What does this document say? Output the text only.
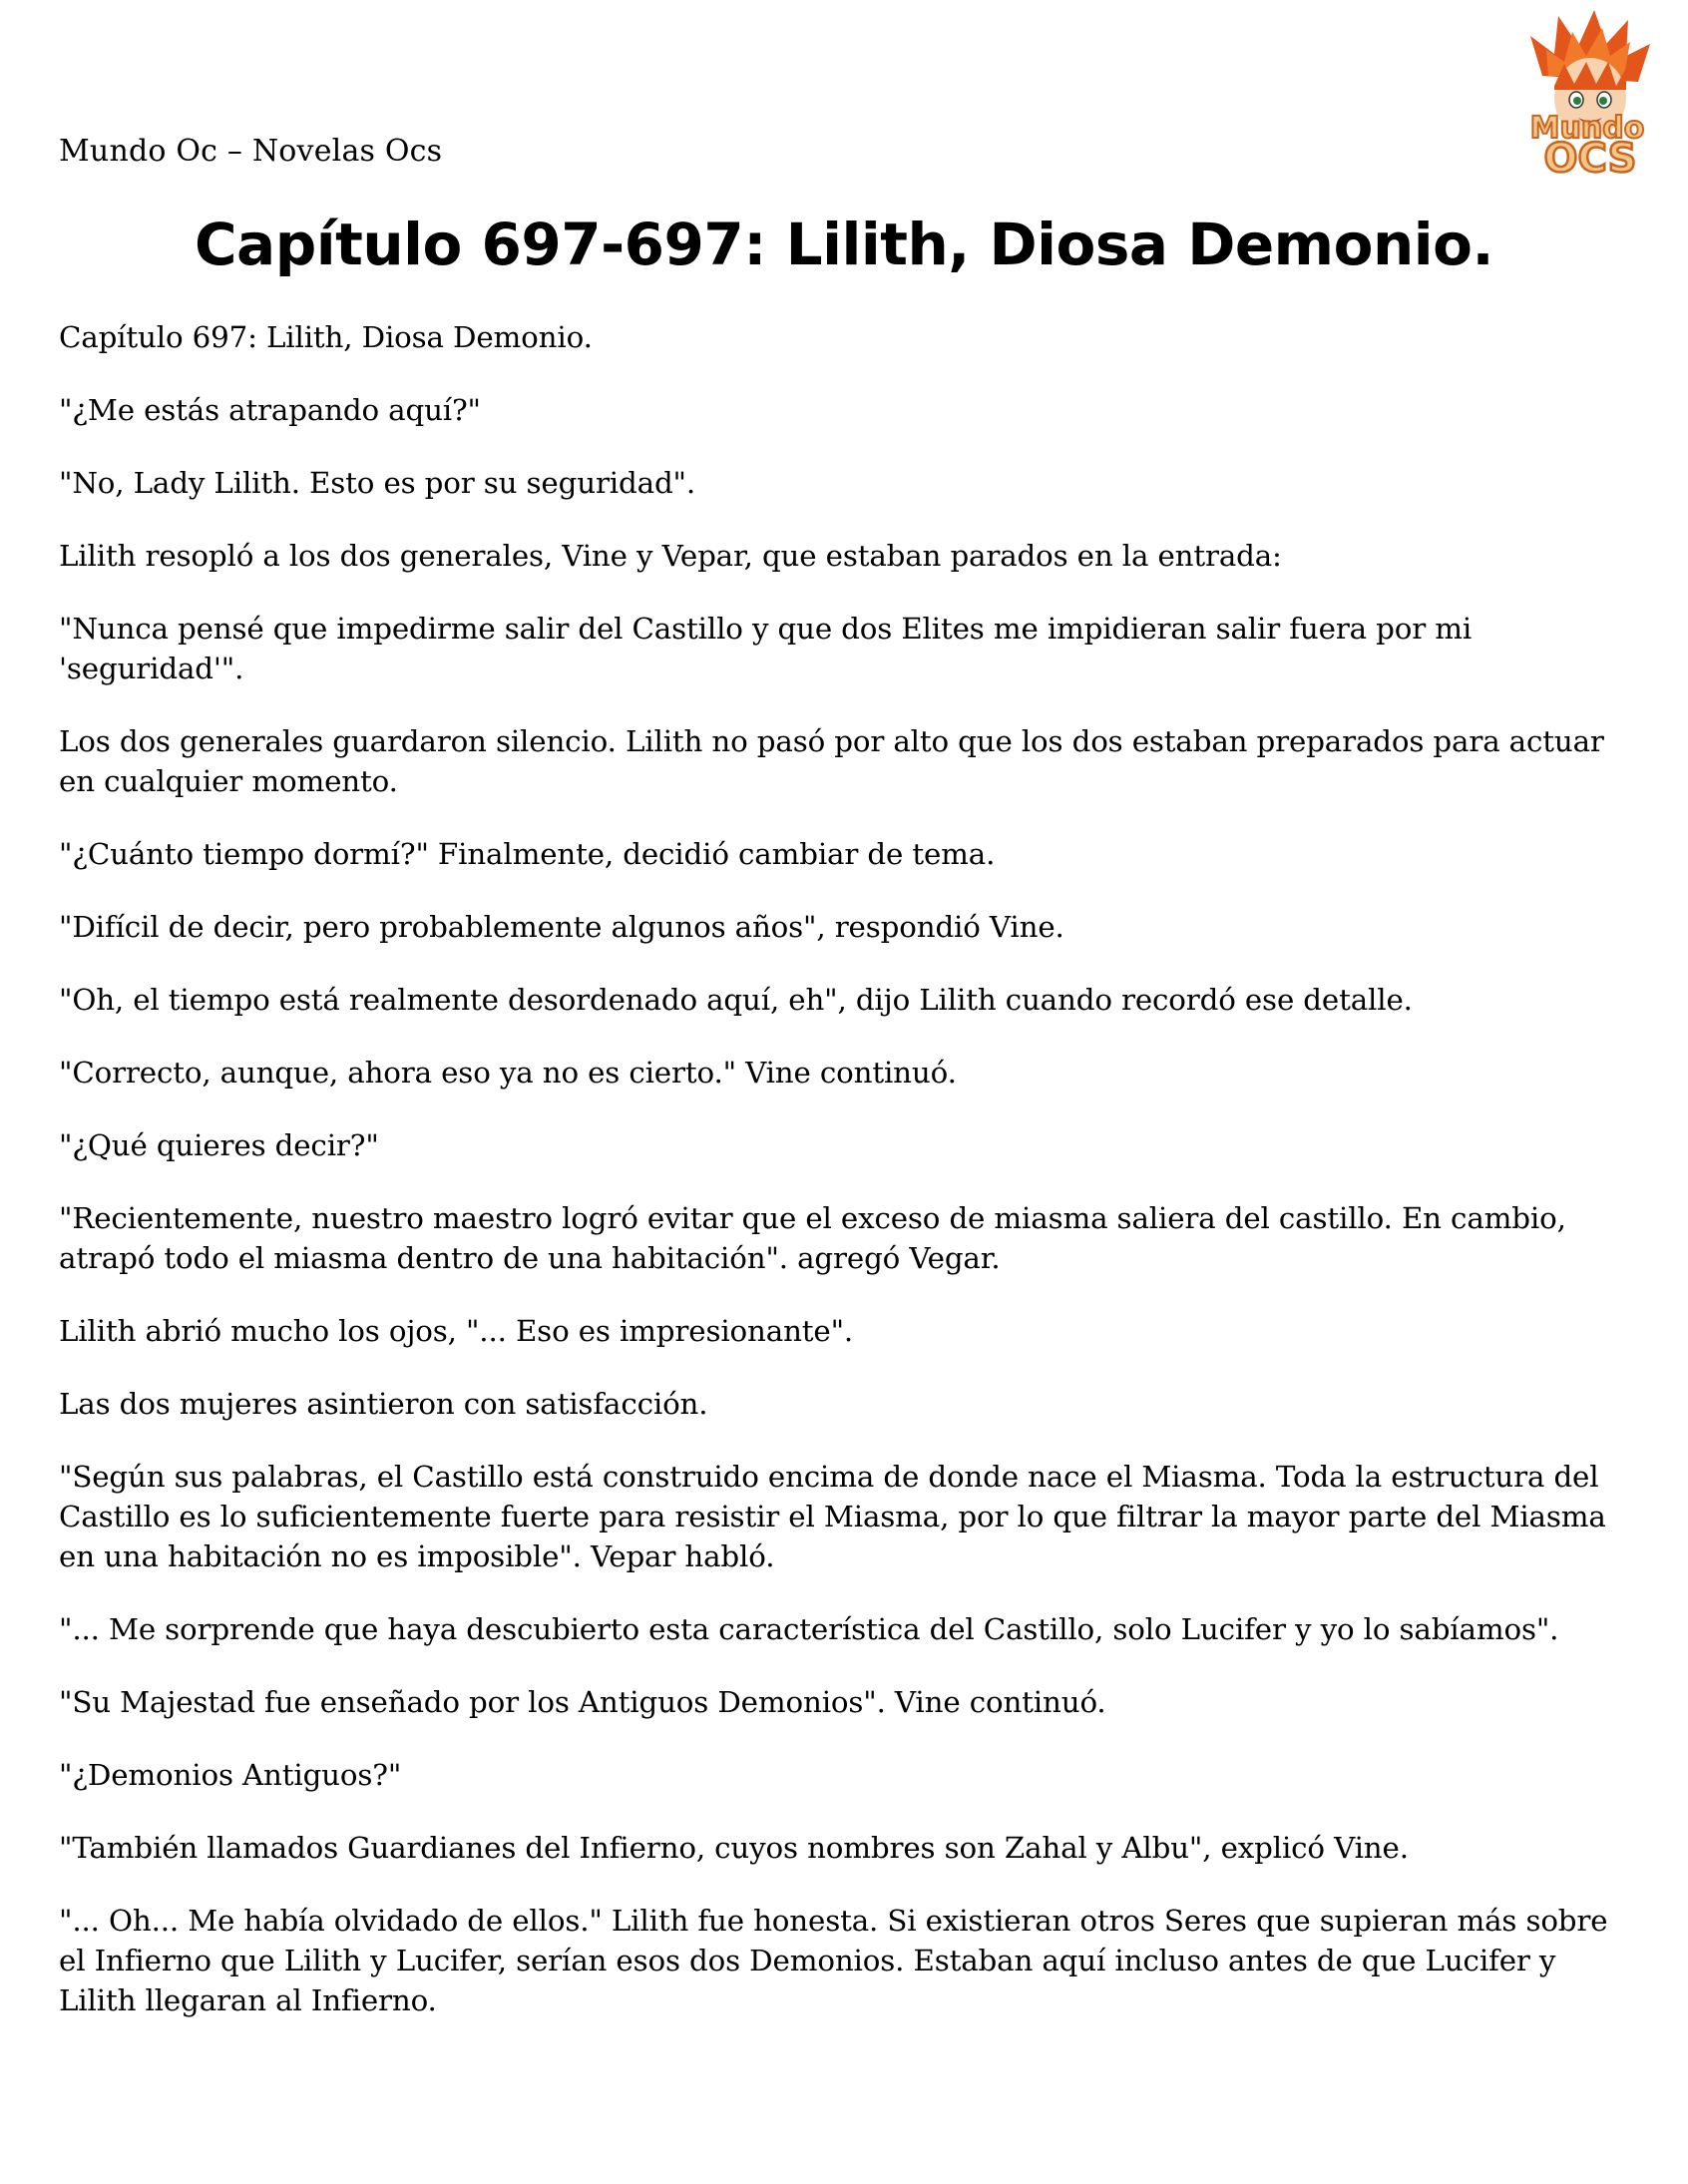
Mundo Oc – Novelas Ocs
Mundo
OCS
Capítulo 697-697: Lilith, Diosa Demonio.

Capítulo 697: Lilith, Diosa Demonio.

"¿Me estás atrapando aquí?"

"No, Lady Lilith. Esto es por su seguridad".

Lilith resopló a los dos generales, Vine y Vepar, que estaban parados en la entrada:

"Nunca pensé que impedirme salir del Castillo y que dos Elites me impidieran salir fuera por mi 'seguridad'".

Los dos generales guardaron silencio. Lilith no pasó por alto que los dos estaban preparados para actuar en cualquier momento.

"¿Cuánto tiempo dormí?" Finalmente, decidió cambiar de tema.

"Difícil de decir, pero probablemente algunos años", respondió Vine.

"Oh, el tiempo está realmente desordenado aquí, eh", dijo Lilith cuando recordó ese detalle.

"Correcto, aunque, ahora eso ya no es cierto." Vine continuó.

"¿Qué quieres decir?"

"Recientemente, nuestro maestro logró evitar que el exceso de miasma saliera del castillo. En cambio, atrapó todo el miasma dentro de una habitación". agregó Vegar.

Lilith abrió mucho los ojos, "... Eso es impresionante".

Las dos mujeres asintieron con satisfacción.

"Según sus palabras, el Castillo está construido encima de donde nace el Miasma. Toda la estructura del Castillo es lo suficientemente fuerte para resistir el Miasma, por lo que filtrar la mayor parte del Miasma en una habitación no es imposible". Vepar habló.

"... Me sorprende que haya descubierto esta característica del Castillo, solo Lucifer y yo lo sabíamos".

"Su Majestad fue enseñado por los Antiguos Demonios". Vine continuó.

"¿Demonios Antiguos?"

"También llamados Guardianes del Infierno, cuyos nombres son Zahal y Albu", explicó Vine.

"... Oh... Me había olvidado de ellos." Lilith fue honesta. Si existieran otros Seres que supieran más sobre el Infierno que Lilith y Lucifer, serían esos dos Demonios. Estaban aquí incluso antes de que Lucifer y Lilith llegaran al Infierno.
